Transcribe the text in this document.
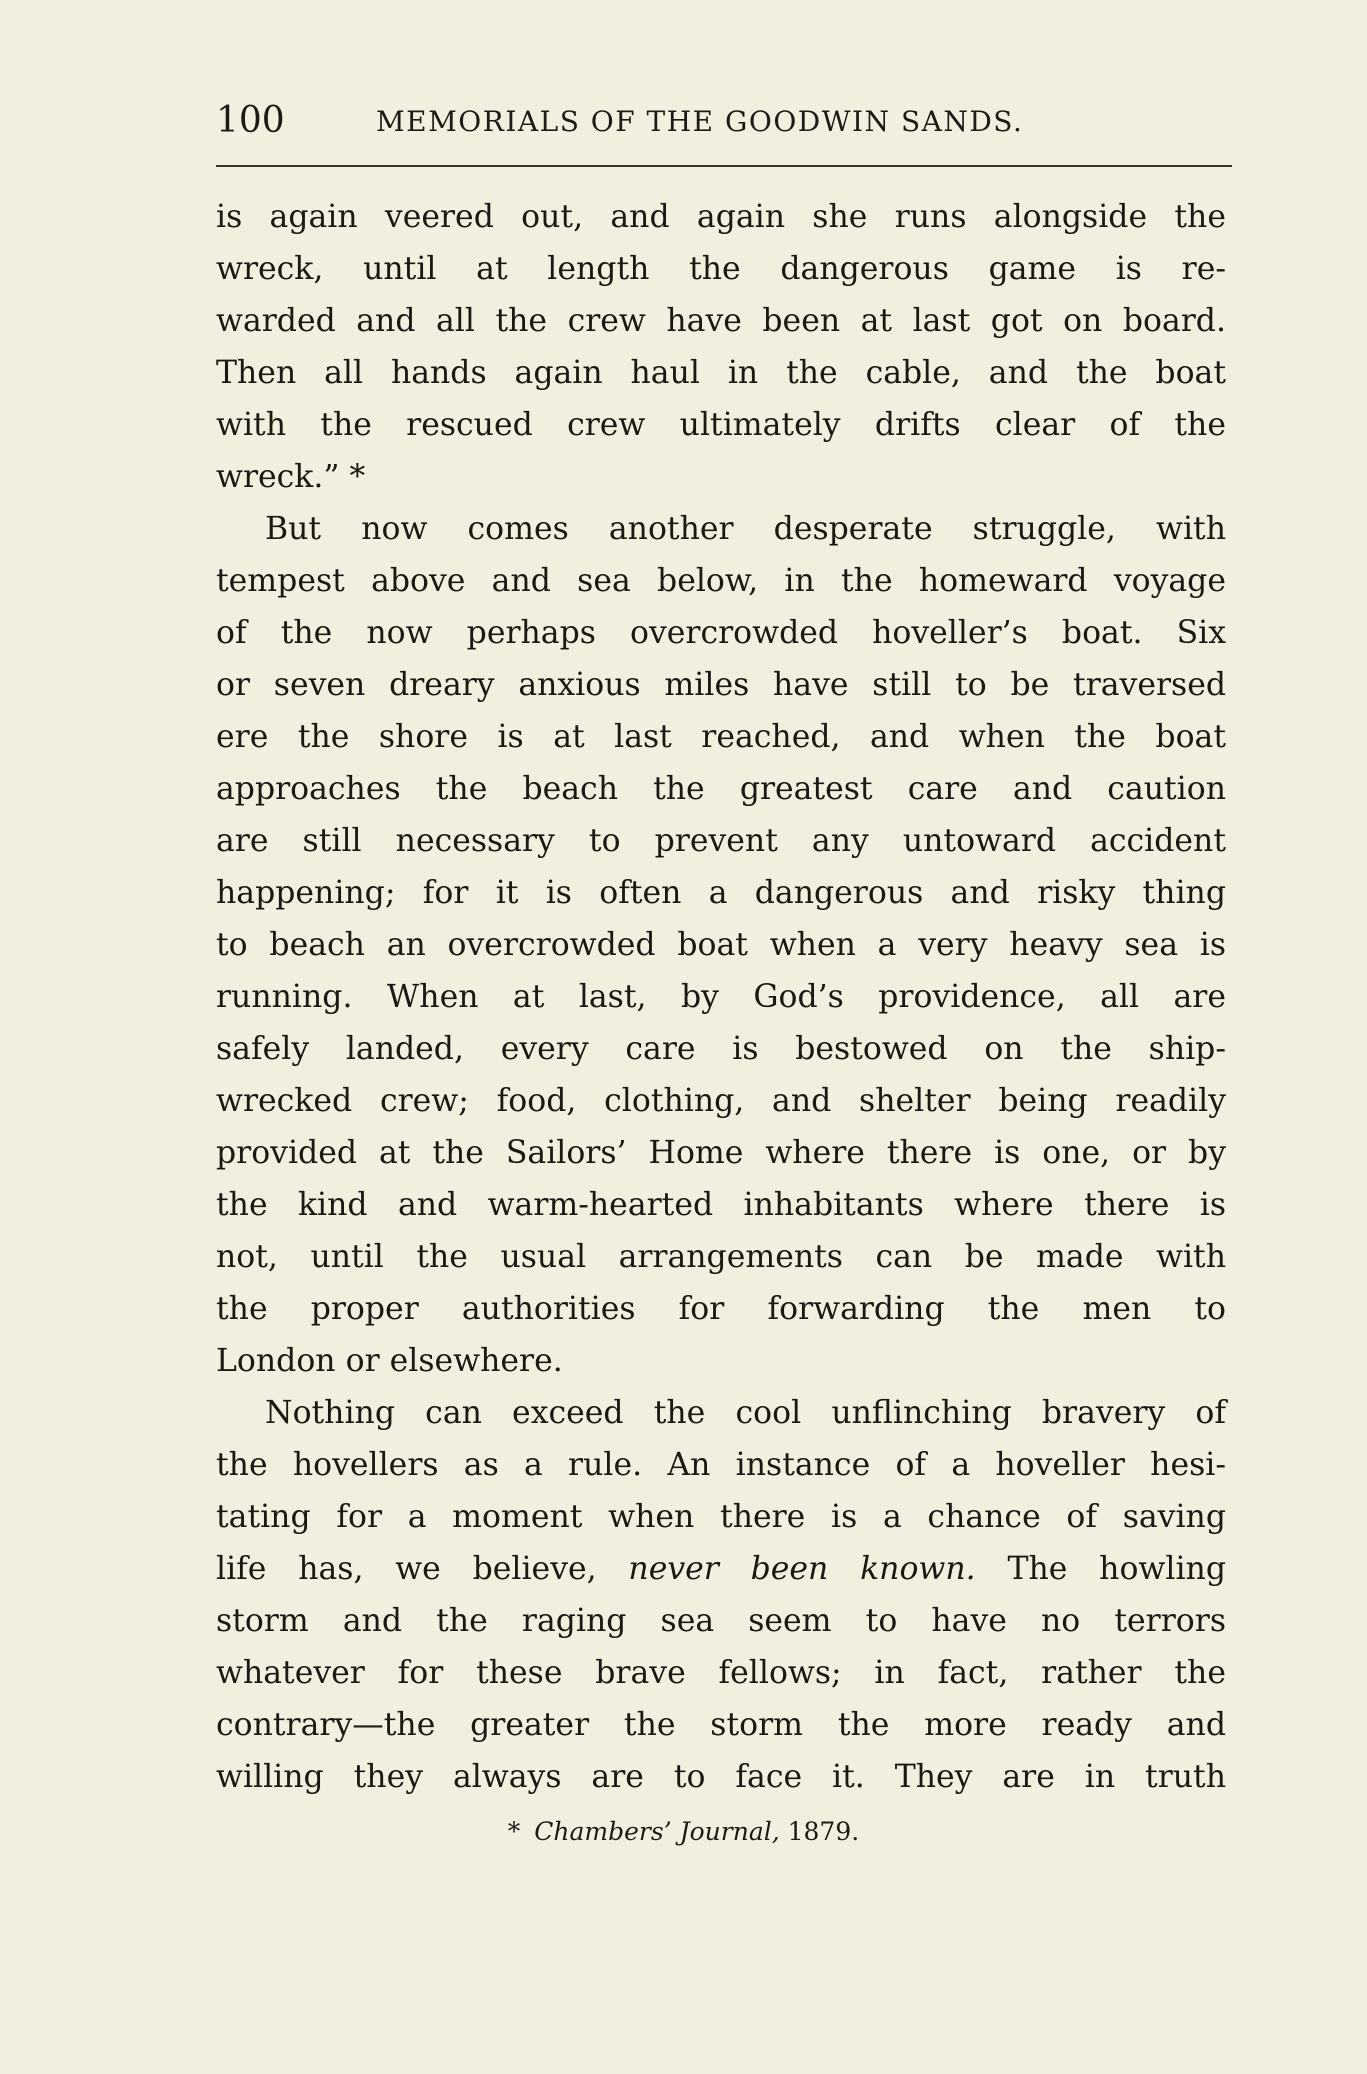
100	MEMORIALS OF THE GOODWIN SANDS.
is again veered out, and again she runs alongside the
wreck, until at length the dangerous game is re-
warded and all the crew have been at last got on board.
Then all hands again haul in the cable, and the boat
with the rescued crew ultimately drifts clear of the
wreck.” *
But now comes another desperate struggle, with
tempest above and sea below, in the homeward voyage
of the now perhaps overcrowded hoveller’s boat. Six
or seven dreary anxious miles have still to be traversed
ere the shore is at last reached, and when the boat
approaches the beach the greatest care and caution
are still necessary to prevent any untoward accident
happening; for it is often a dangerous and risky thing
to beach an overcrowded boat when a very heavy sea is
running. When at last, by God’s providence, all are
safely landed, every care is bestowed on the ship-
wrecked crew; food, clothing, and shelter being readily
provided at the Sailors’ Home where there is one, or by
the kind and warm-hearted inhabitants where there is
not, until the usual arrangements can be made with
the proper authorities for forwarding the men to
London or elsewhere.
Nothing can exceed the cool unflinching bravery of
the hovellers as a rule. An instance of a hoveller hesi-
tating for a moment when there is a chance of saving
life has, we believe, never been known. The howling
storm and the raging sea seem to have no terrors
whatever for these brave fellows; in fact, rather the
contrary—the greater the storm the more ready and
willing they always are to face it. They are in truth
* Chambers’ Journal, 1879.
